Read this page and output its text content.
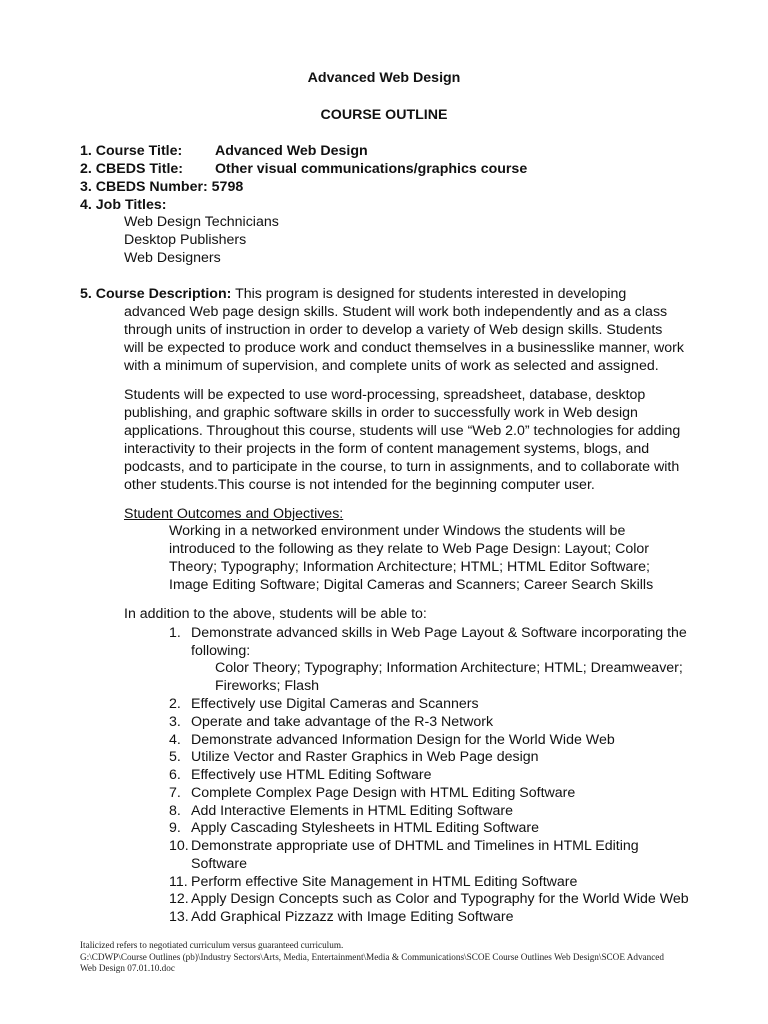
Advanced Web Design
COURSE OUTLINE
1. Course Title: Advanced Web Design
2. CBEDS Title: Other visual communications/graphics course
3. CBEDS Number: 5798
4. Job Titles:
Web Design Technicians
Desktop Publishers
Web Designers
5. Course Description: This program is designed for students interested in developing
advanced Web page design skills. Student will work both independently and as a class
through units of instruction in order to develop a variety of Web design skills. Students
will be expected to produce work and conduct themselves in a businesslike manner, work
with a minimum of supervision, and complete units of work as selected and assigned.
Students will be expected to use word-processing, spreadsheet, database, desktop
publishing, and graphic software skills in order to successfully work in Web design
applications. Throughout this course, students will use “Web 2.0” technologies for adding
interactivity to their projects in the form of content management systems, blogs, and
podcasts, and to participate in the course, to turn in assignments, and to collaborate with
other students.This course is not intended for the beginning computer user.
Student Outcomes and Objectives:
Working in a networked environment under Windows the students will be
introduced to the following as they relate to Web Page Design: Layout; Color
Theory; Typography; Information Architecture; HTML; HTML Editor Software;
Image Editing Software; Digital Cameras and Scanners; Career Search Skills
In addition to the above, students will be able to:
1. Demonstrate advanced skills in Web Page Layout & Software incorporating the
following:
Color Theory; Typography; Information Architecture; HTML; Dreamweaver;
Fireworks; Flash
2. Effectively use Digital Cameras and Scanners
3. Operate and take advantage of the R-3 Network
4. Demonstrate advanced Information Design for the World Wide Web
5. Utilize Vector and Raster Graphics in Web Page design
6. Effectively use HTML Editing Software
7. Complete Complex Page Design with HTML Editing Software
8. Add Interactive Elements in HTML Editing Software
9. Apply Cascading Stylesheets in HTML Editing Software
10. Demonstrate appropriate use of DHTML and Timelines in HTML Editing
Software
11. Perform effective Site Management in HTML Editing Software
12. Apply Design Concepts such as Color and Typography for the World Wide Web
13. Add Graphical Pizzazz with Image Editing Software
Italicized refers to negotiated curriculum versus guaranteed curriculum.
G:\CDWP\Course Outlines (pb)\Industry Sectors\Arts, Media, Entertainment\Media & Communications\SCOE Course Outlines Web Design\SCOE Advanced
Web Design 07.01.10.doc
